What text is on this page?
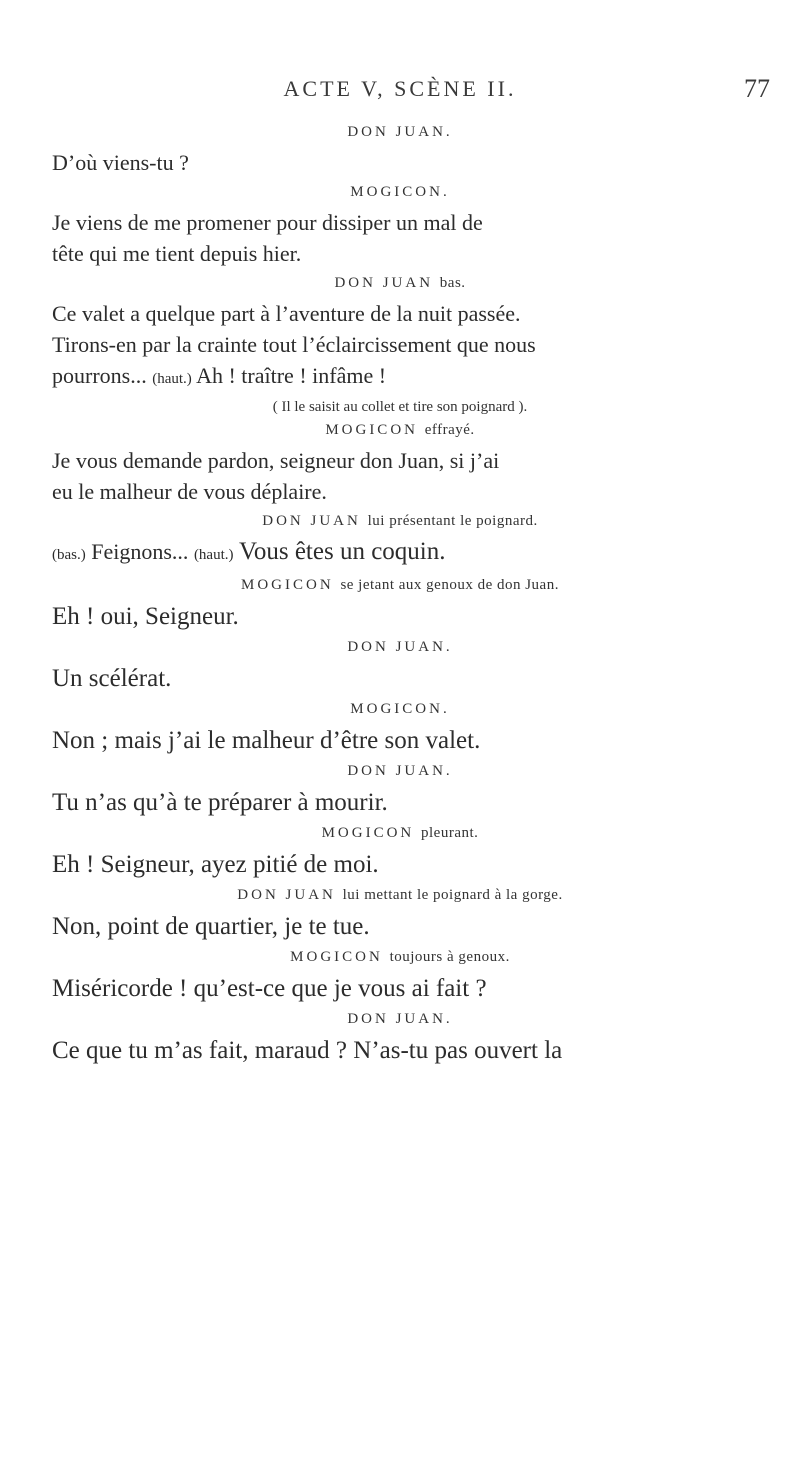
ACTE V, SCÈNE II.	77
DON JUAN.

D’où viens-tu ?

MOGICON.

Je viens de me promener pour dissiper un mal de

tête qui me tient depuis hier.

DON JUAN bas.

Ce valet a quelque part à l’aventure de la nuit passée.

Tirons-en par la crainte tout l’éclaircissement que nous

pourrons... (haut.) Ah ! traître ! infâme !

( Il le saisit au collet et tire son poignard ).
MOGICON effrayé.

Je vous demande pardon, seigneur don Juan, si j’ai

eu le malheur de vous déplaire.

DON JUAN lui présentant le poignard.

(bas.) Feignons... (haut.) Vous êtes un coquin.

MOGICON se jetant aux genoux de don Juan.

Eh ! oui, Seigneur.

DON JUAN.

Un scélérat.

MOGICON.

Non ; mais j’ai le malheur d’être son valet.

DON JUAN.

Tu n’as qu’à te préparer à mourir.

MOGICON pleurant.

Eh ! Seigneur, ayez pitié de moi.

DON JUAN lui mettant le poignard à la gorge.

Non, point de quartier, je te tue.

MOGICON toujours à genoux.

Miséricorde ! qu’est-ce que je vous ai fait ?

DON JUAN.

Ce que tu m’as fait, maraud ? N’as-tu pas ouvert la
